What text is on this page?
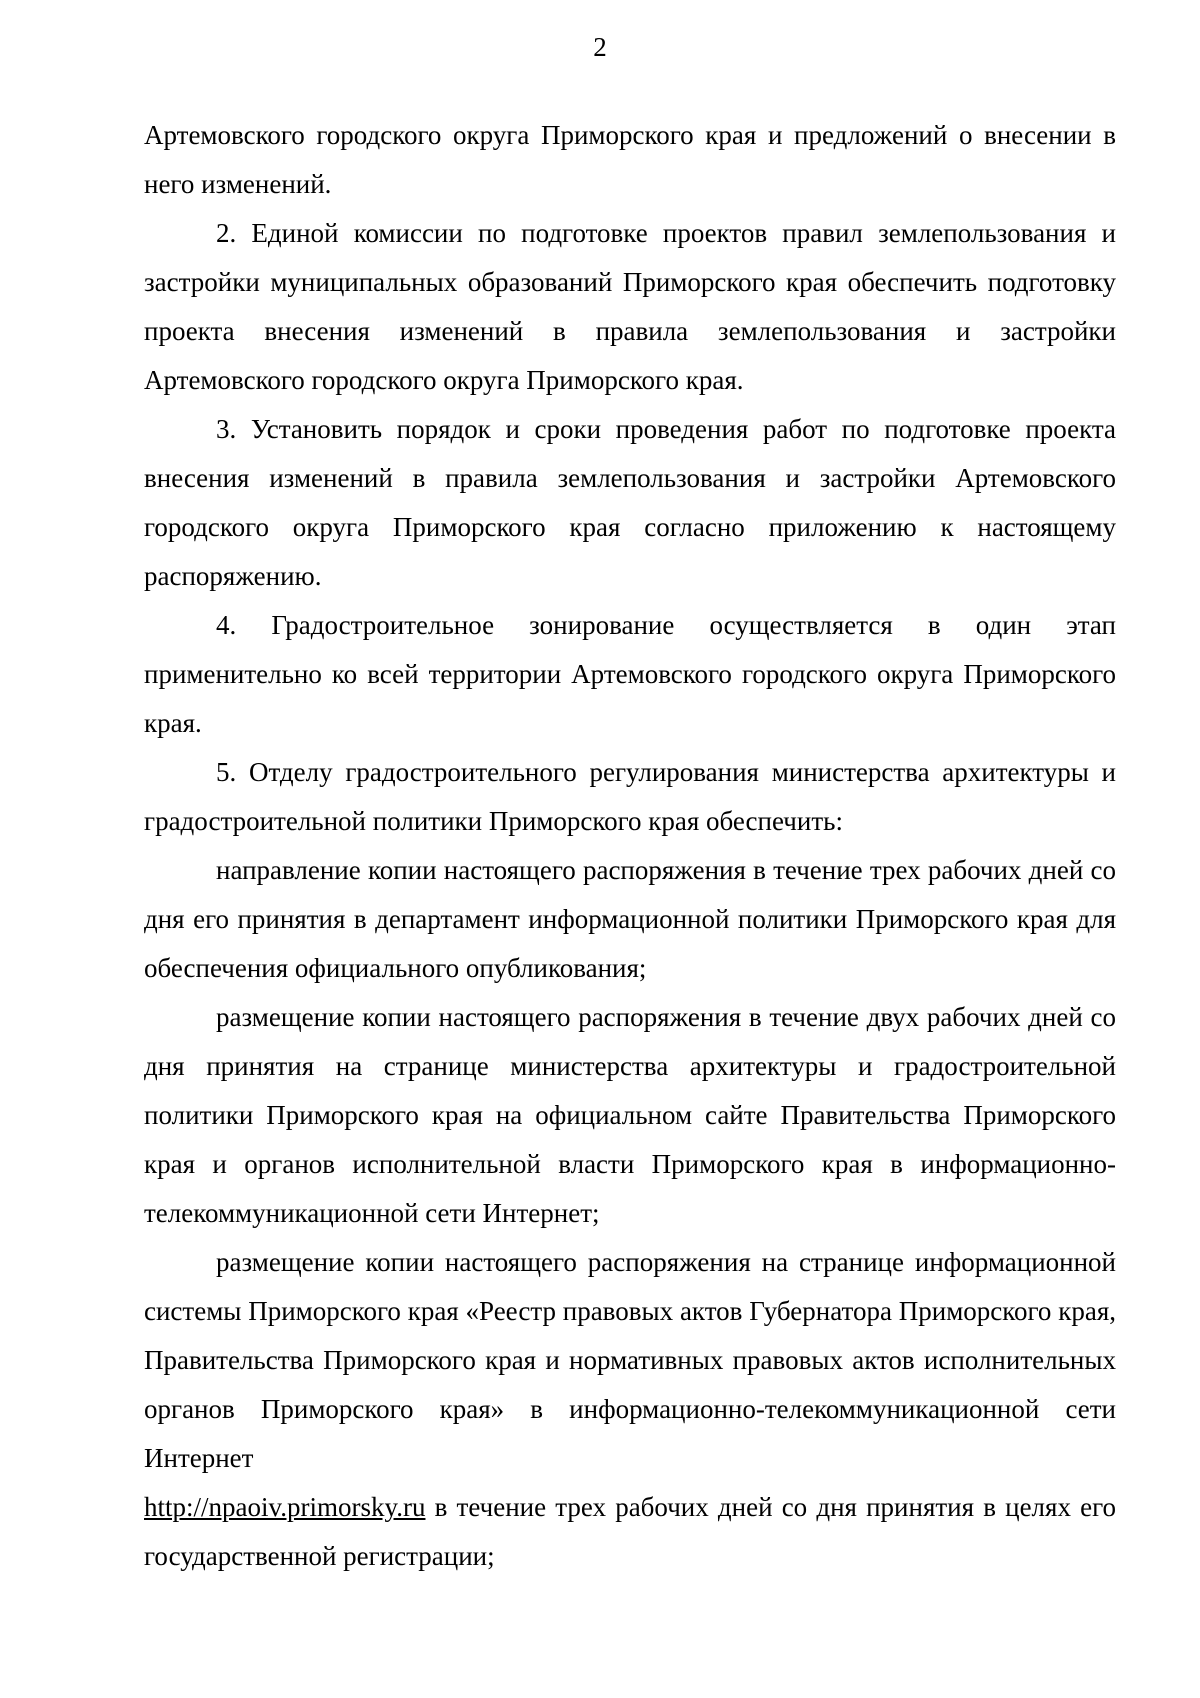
2

Артемовского городского округа Приморского края и предложений о внесении в него изменений.

2. Единой комиссии по подготовке проектов правил землепользования и застройки муниципальных образований Приморского края обеспечить подготовку проекта внесения изменений в правила землепользования и застройки Артемовского городского округа Приморского края.

3. Установить порядок и сроки проведения работ по подготовке проекта внесения изменений в правила землепользования и застройки Артемовского городского округа Приморского края согласно приложению к настоящему распоряжению.

4. Градостроительное зонирование осуществляется в один этап применительно ко всей территории Артемовского городского округа Приморского края.

5. Отделу градостроительного регулирования министерства архитектуры и градостроительной политики Приморского края обеспечить:

направление копии настоящего распоряжения в течение трех рабочих дней со дня его принятия в департамент информационной политики Приморского края для обеспечения официального опубликования;

размещение копии настоящего распоряжения в течение двух рабочих дней со дня принятия на странице министерства архитектуры и градостроительной политики Приморского края на официальном сайте Правительства Приморского края и органов исполнительной власти Приморского края в информационно-телекоммуникационной сети Интернет;

размещение копии настоящего распоряжения на странице информационной системы Приморского края «Реестр правовых актов Губернатора Приморского края, Правительства Приморского края и нормативных правовых актов исполнительных органов Приморского края» в информационно-телекоммуникационной сети Интернет

http://npaoiv.primorsky.ru в течение трех рабочих дней со дня принятия в целях его государственной регистрации;
